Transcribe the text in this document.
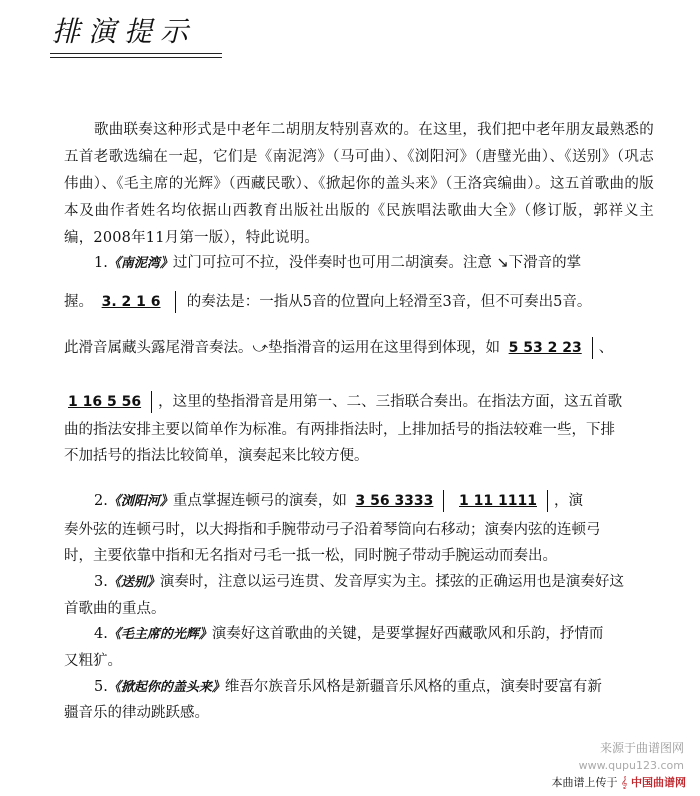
排演提示
歌曲联奏这种形式是中老年二胡朋友特别喜欢的。在这里，我们把中老年朋友最熟悉的五首老歌选编在一起，它们是《南泥湾》（马可曲）、《浏阳河》（唐璧光曲）、《送别》（巩志伟曲）、《毛主席的光辉》（西藏民歌）、《掀起你的盖头来》（王洛宾编曲）。这五首歌曲的版本及曲作者姓名均依据山西教育出版社出版的《民族唱法歌曲大全》（修订版，郭祥义主编，2008年11月第一版），特此说明。
1.《南泥湾》过门可拉可不拉，没伴奏时也可用二胡演奏。注意 ↘下滑音的掌
握。 3. 2 1 6 的奏法是：一指从5音的位置向上轻滑至3音，但不可奏出5音。
此滑音属藏头露尾滑音奏法。⤻垫指滑音的运用在这里得到体现，如 5 53 2 23 、
1 16 5 56 ，这里的垫指滑音是用第一、二、三指联合奏出。在指法方面，这五首歌
曲的指法安排主要以简单作为标准。有两排指法时，上排加括号的指法较难一些，下排
不加括号的指法比较简单，演奏起来比较方便。
2.《浏阳河》重点掌握连顿弓的演奏，如 3 56 3333 1 11 1111 ，演
奏外弦的连顿弓时，以大拇指和手腕带动弓子沿着琴筒向右移动；演奏内弦的连顿弓
时，主要依靠中指和无名指对弓毛一抵一松，同时腕子带动手腕运动而奏出。
3.《送别》演奏时，注意以运弓连贯、发音厚实为主。揉弦的正确运用也是演奏好这
首歌曲的重点。
4.《毛主席的光辉》演奏好这首歌曲的关键，是要掌握好西藏歌风和乐韵，抒情而
又粗犷。
5.《掀起你的盖头来》维吾尔族音乐风格是新疆音乐风格的重点，演奏时要富有新
疆音乐的律动跳跃感。
来源于曲谱图网
www.qupu123.com
本曲谱上传于 𝄞 中国曲谱网
